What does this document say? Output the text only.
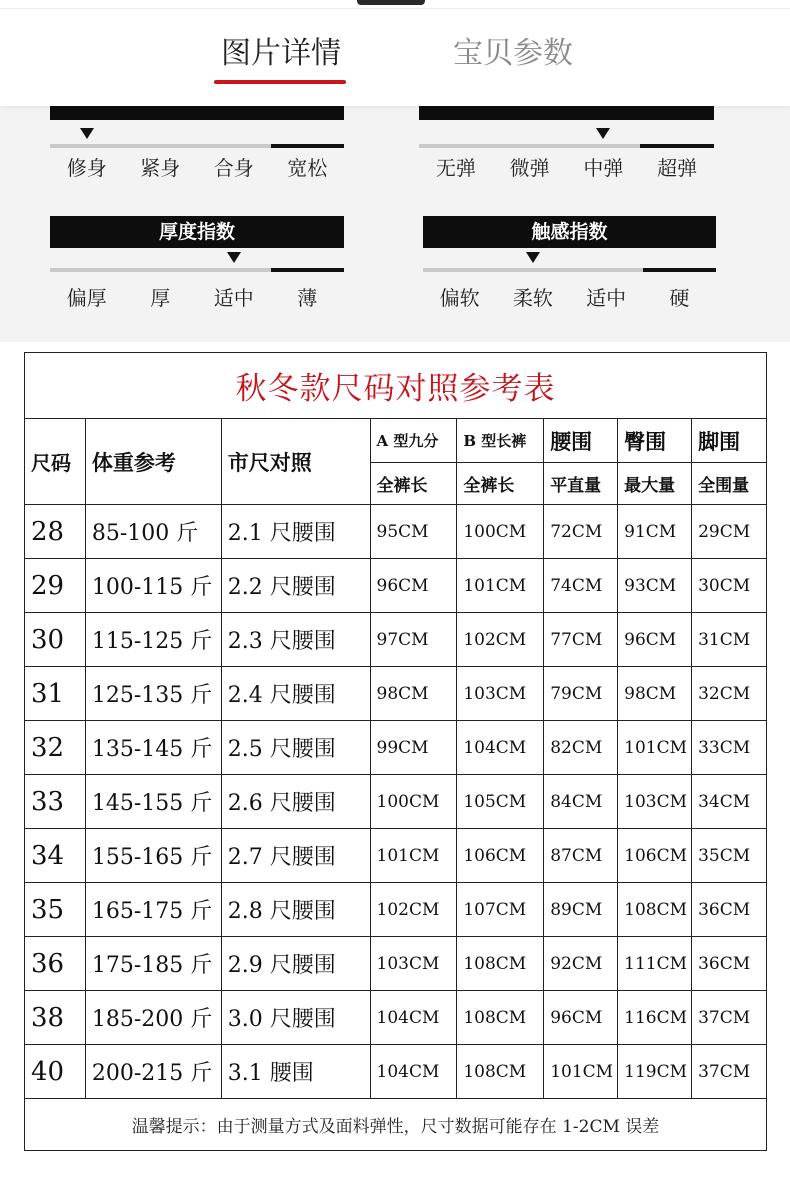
图片详情	宝贝参数
修身	紧身	合身	宽松	无弹	微弹	中弹	超弹
厚度指数
偏厚	厚	适中	薄
触感指数
偏软	柔软	适中	硬
秋冬款尺码对照参考表							
尺码	体重参考	市尺对照	A 型九分	B 型长裤	腰围	臀围	脚围
			全裤长	全裤长	平直量	最大量	全围量
28	85-100 斤	2.1 尺腰围	95CM	100CM	72CM	91CM	29CM
29	100-115 斤	2.2 尺腰围	96CM	101CM	74CM	93CM	30CM
30	115-125 斤	2.3 尺腰围	97CM	102CM	77CM	96CM	31CM
31	125-135 斤	2.4 尺腰围	98CM	103CM	79CM	98CM	32CM
32	135-145 斤	2.5 尺腰围	99CM	104CM	82CM	101CM	33CM
33	145-155 斤	2.6 尺腰围	100CM	105CM	84CM	103CM	34CM
34	155-165 斤	2.7 尺腰围	101CM	106CM	87CM	106CM	35CM
35	165-175 斤	2.8 尺腰围	102CM	107CM	89CM	108CM	36CM
36	175-185 斤	2.9 尺腰围	103CM	108CM	92CM	111CM	36CM
38	185-200 斤	3.0 尺腰围	104CM	108CM	96CM	116CM	37CM
40	200-215 斤	3.1 腰围	104CM	108CM	101CM	119CM	37CM
温馨提示：由于测量方式及面料弹性，尺寸数据可能存在 1-2CM 误差							
